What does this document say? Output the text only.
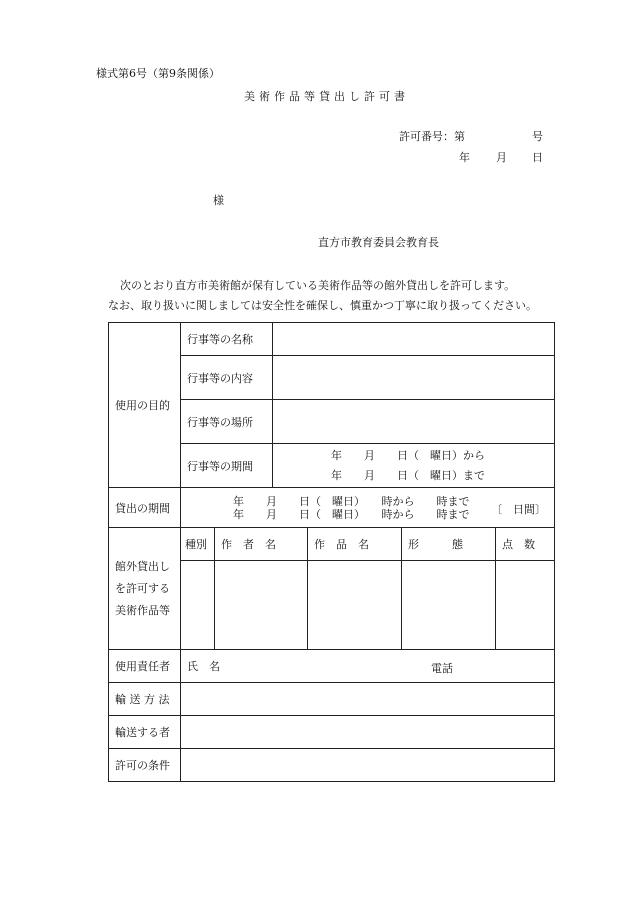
様式第6号（第9条関係）
美術作品等貸出し許可書
許可番号：第	号
年 月 日
様
直方市教育委員会教育長
次のとおり直方市美術館が保有している美術作品等の館外貸出しを許可します。
なお、取り扱いに関しましては安全性を確保し、慎重かつ丁寧に取り扱ってください。
使用の目的	行事等の名称					
	行事等の内容					
	行事等の場所					
	行事等の期間		年　　月　　日（　曜日）から
年　　月　　日（　曜日）まで			

貸出の期間	年　　月　　日（　曜日）　　時から　　時まで
年　　月　　日（　曜日）　　時から　　時まで 〔　日間〕					

館外貸出し
を許可する
美術作品等	種別	作　者　名		作　品　名	形　　　態	点　数

使用責任者	氏　名 電話					

輸 送 方 法						
輸送する者						
許可の条件						
